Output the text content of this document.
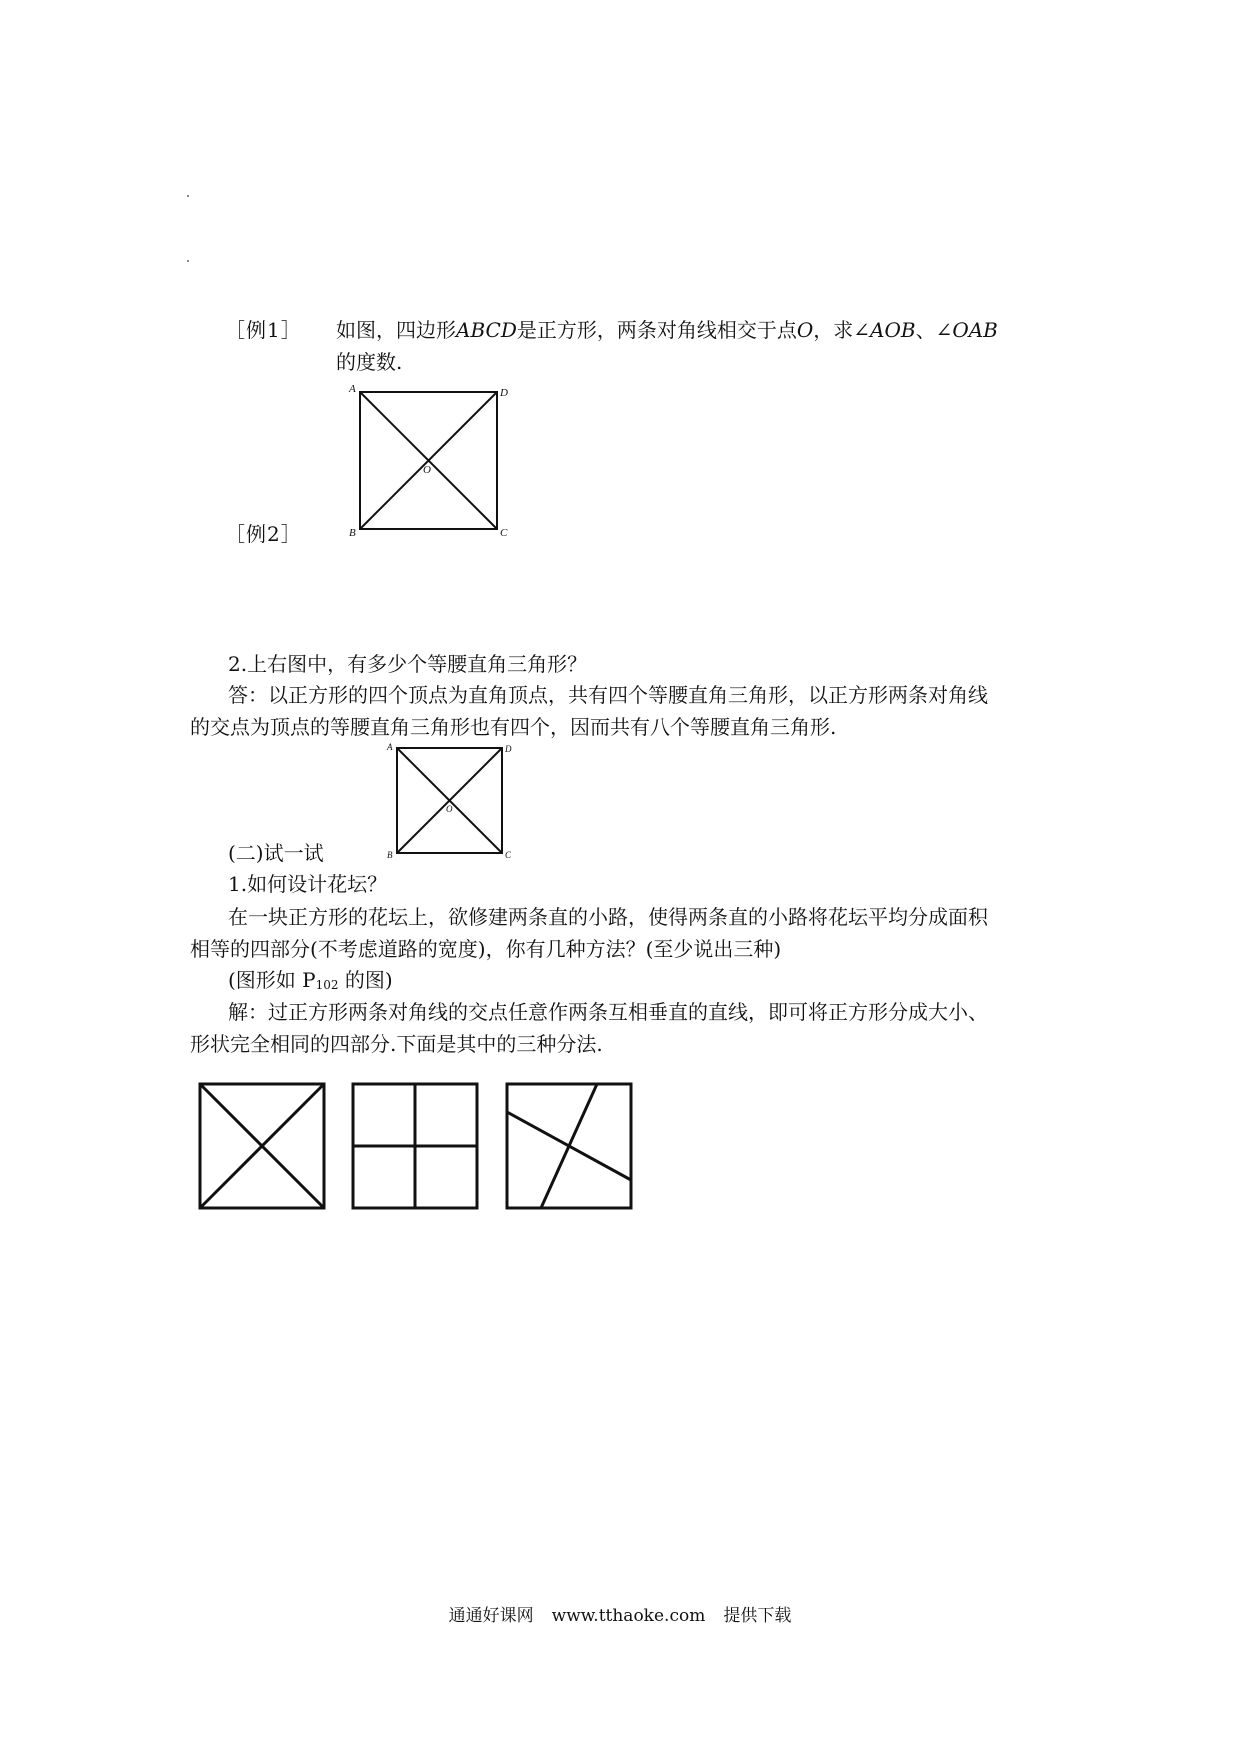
［例1］ 如图，四边形ABCD是正方形，两条对角线相交于点O，求∠AOB、∠OAB
的度数.
A	D
B	C
O
［例2］
2.上右图中，有多少个等腰直角三角形？
答：以正方形的四个顶点为直角顶点，共有四个等腰直角三角形，以正方形两条对角线
的交点为顶点的等腰直角三角形也有四个，因而共有八个等腰直角三角形.
A	D
B	C
O
(二)试一试
1.如何设计花坛？
在一块正方形的花坛上，欲修建两条直的小路，使得两条直的小路将花坛平均分成面积
相等的四部分(不考虑道路的宽度)，你有几种方法？(至少说出三种)
(图形如 $P_{102}$ 的图)
解：过正方形两条对角线的交点任意作两条互相垂直的直线，即可将正方形分成大小、
形状完全相同的四部分.下面是其中的三种分法.
通通好课网 www.tthaoke.com 提供下载
